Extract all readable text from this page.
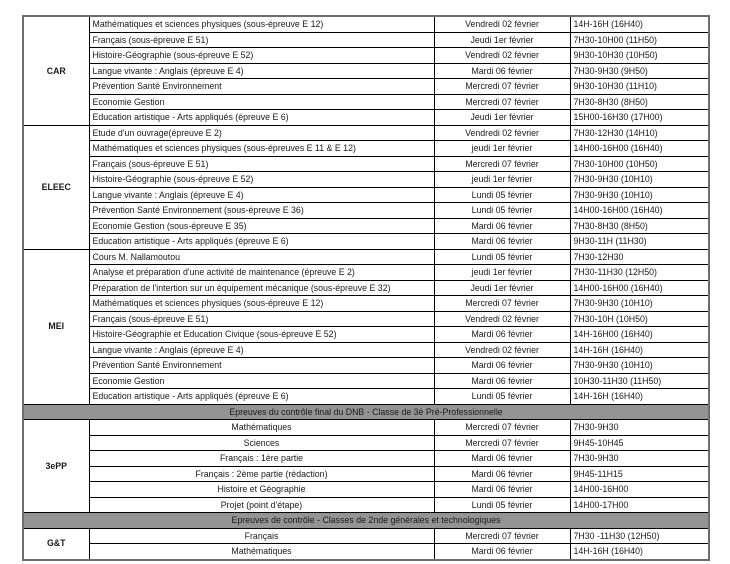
CAR	Mathématiques et sciences physiques (sous-épreuve E 12)	Vendredi 02 février	14H-16H (16H40)
	Français (sous-épreuve E 51)	Jeudi 1er février	7H30-10H00 (11H50)
	Histoire-Géographie (sous-épreuve E 52)	Vendredi 02 février	9H30-10H30 (10H50)
	Langue vivante : Anglais (épreuve E 4)	Mardi 06 février	7H30-9H30 (9H50)
	Prévention Santé Environnement	Mercredi 07 février	9H30-10H30 (11H10)
	Economie Gestion	Mercredi 07 février	7H30-8H30 (8H50)
	Education artistique - Arts appliqués (épreuve E 6)	Jeudi 1er février	15H00-16H30 (17H00)
ELEEC	Etude d'un ouvrage(épreuve E 2)	Vendredi 02 février	7H30-12H30 (14H10)
	Mathématiques et sciences physiques (sous-épreuves E 11 & E 12)	jeudi 1er février	14H00-16H00 (16H40)
	Français (sous-épreuve E 51)	Mercredi 07 février	7H30-10H00 (10H50)
	Histoire-Géographie (sous-épreuve E 52)	jeudi 1er février	7H30-9H30 (10H10)
	Langue vivante : Anglais (épreuve E 4)	Lundi 05 février	7H30-9H30 (10H10)
	Prévention Santé Environnement (sous-épreuve E 36)	Lundi 05 février	14H00-16H00 (16H40)
	Economie Gestion (sous-épreuve E 35)	Mardi 06 février	7H30-8H30 (8H50)
	Education artistique - Arts appliqués (épreuve E 6)	Mardi 06 février	9H30-11H (11H30)
MEI	Cours M. Nallamoutou	Lundi 05 février	7H30-12H30
	Analyse et préparation d'une activité de maintenance (épreuve E 2)	jeudi 1er février	7H30-11H30 (12H50)
	Préparation de l'intertion sur un équipement mécanique (sous-épreuve E 32)	Jeudi 1er février	14H00-16H00 (16H40)
	Mathématiques et sciences physiques (sous-épreuve E 12)	Mercredi 07 février	7H30-9H30 (10H10)
	Français (sous-épreuve E 51)	Vendredi 02 février	7H30-10H (10H50)
	Histoire-Géographie et Education Civique (sous-épreuve E 52)	Mardi 06 février	14H-16H00 (16H40)
	Langue vivante : Anglais (épreuve E 4)	Vendredi 02 février	14H-16H (16H40)
	Prévention Santé Environnement	Mardi 06 février	7H30-9H30 (10H10)
	Economie Gestion	Mardi 06 février	10H30-11H30 (11H50)
	Education artistique - Arts appliqués (épreuve E 6)	Lundi 05 février	14H-16H (16H40)
Epreuves du contrôle final du DNB - Classe de 3è Pré-Professionnelle			
3ePP	Mathématiques	Mercredi 07 février	7H30-9H30
	Sciences	Mercredi 07 février	9H45-10H45
	Français : 1ère partie	Mardi 06 février	7H30-9H30
	Français : 2ème partie (rédaction)	Mardi 06 février	9H45-11H15
	Histoire et Géographie	Mardi 06 février	14H00-16H00
	Projet (point d'étape)	Lundi 05 février	14H00-17H00
Epreuves de contrôle - Classes de 2nde générales et technologiques			
G&T	Français	Mercredi 07 février	7H30 -11H30 (12H50)
	Mathématiques	Mardi 06 février	14H-16H (16H40)
